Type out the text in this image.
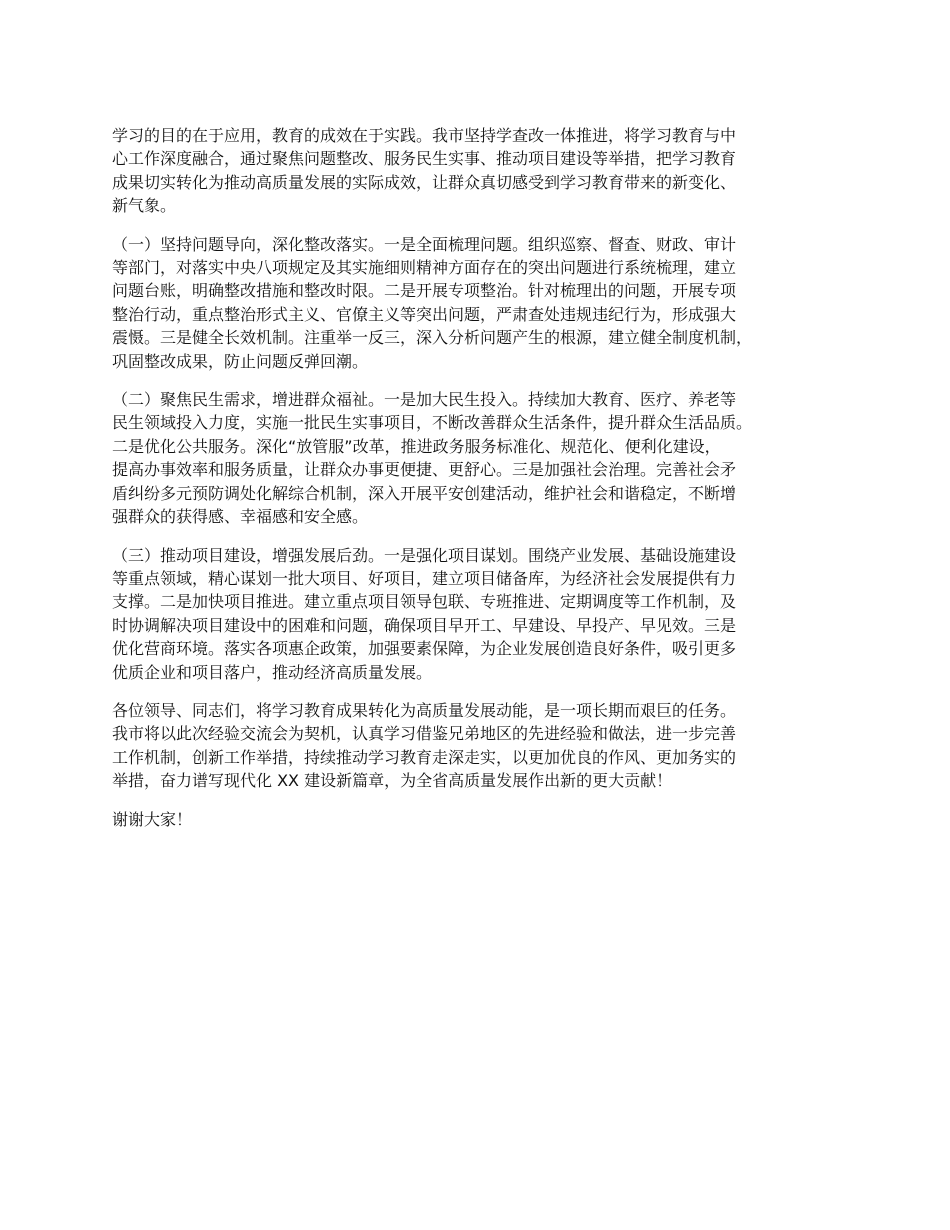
学习的目的在于应用，教育的成效在于实践。我市坚持学查改一体推进，将学习教育与中
心工作深度融合，通过聚焦问题整改、服务民生实事、推动项目建设等举措，把学习教育
成果切实转化为推动高质量发展的实际成效，让群众真切感受到学习教育带来的新变化、
新气象。
（一）坚持问题导向，深化整改落实。一是全面梳理问题。组织巡察、督查、财政、审计
等部门，对落实中央八项规定及其实施细则精神方面存在的突出问题进行系统梳理，建立
问题台账，明确整改措施和整改时限。二是开展专项整治。针对梳理出的问题，开展专项
整治行动，重点整治形式主义、官僚主义等突出问题，严肃查处违规违纪行为，形成强大
震慑。三是健全长效机制。注重举一反三，深入分析问题产生的根源，建立健全制度机制，
巩固整改成果，防止问题反弹回潮。
（二）聚焦民生需求，增进群众福祉。一是加大民生投入。持续加大教育、医疗、养老等
民生领域投入力度，实施一批民生实事项目，不断改善群众生活条件，提升群众生活品质。
二是优化公共服务。深化“放管服”改革，推进政务服务标准化、规范化、便利化建设，
提高办事效率和服务质量，让群众办事更便捷、更舒心。三是加强社会治理。完善社会矛
盾纠纷多元预防调处化解综合机制，深入开展平安创建活动，维护社会和谐稳定，不断增
强群众的获得感、幸福感和安全感。
（三）推动项目建设，增强发展后劲。一是强化项目谋划。围绕产业发展、基础设施建设
等重点领域，精心谋划一批大项目、好项目，建立项目储备库，为经济社会发展提供有力
支撑。二是加快项目推进。建立重点项目领导包联、专班推进、定期调度等工作机制，及
时协调解决项目建设中的困难和问题，确保项目早开工、早建设、早投产、早见效。三是
优化营商环境。落实各项惠企政策，加强要素保障，为企业发展创造良好条件，吸引更多
优质企业和项目落户，推动经济高质量发展。
各位领导、同志们，将学习教育成果转化为高质量发展动能，是一项长期而艰巨的任务。
我市将以此次经验交流会为契机，认真学习借鉴兄弟地区的先进经验和做法，进一步完善
工作机制，创新工作举措，持续推动学习教育走深走实，以更加优良的作风、更加务实的
举措，奋力谱写现代化 XX 建设新篇章，为全省高质量发展作出新的更大贡献！
谢谢大家！
